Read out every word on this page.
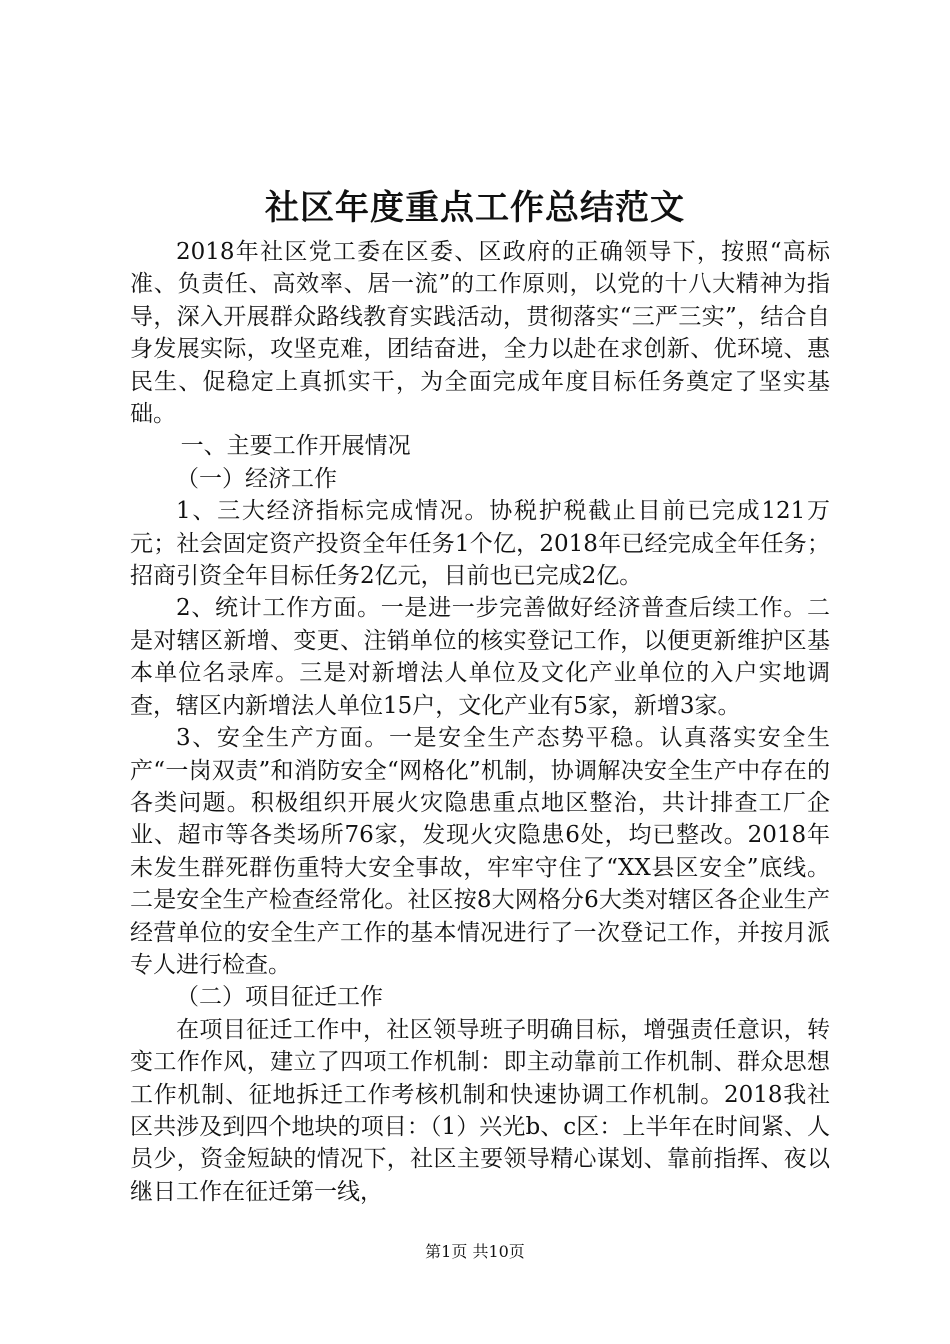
社区年度重点工作总结范文

2018年社区党工委在区委、区政府的正确领导下，按照“高标准、负责任、高效率、居一流”的工作原则，以党的十八大精神为指导，深入开展群众路线教育实践活动，贯彻落实“三严三实”，结合自身发展实际，攻坚克难，团结奋进，全力以赴在求创新、优环境、惠民生、促稳定上真抓实干，为全面完成年度目标任务奠定了坚实基础。

一、主要工作开展情况

（一）经济工作

1、三大经济指标完成情况。协税护税截止目前已完成121万元；社会固定资产投资全年任务1个亿，2018年已经完成全年任务；招商引资全年目标任务2亿元，目前也已完成2亿。

2、统计工作方面。一是进一步完善做好经济普查后续工作。二是对辖区新增、变更、注销单位的核实登记工作，以便更新维护区基本单位名录库。三是对新增法人单位及文化产业单位的入户实地调查，辖区内新增法人单位15户，文化产业有5家，新增3家。

3、安全生产方面。一是安全生产态势平稳。认真落实安全生产“一岗双责”和消防安全“网格化”机制，协调解决安全生产中存在的各类问题。积极组织开展火灾隐患重点地区整治，共计排查工厂企业、超市等各类场所76家，发现火灾隐患6处，均已整改。2018年未发生群死群伤重特大安全事故，牢牢守住了“XX县区安全”底线。二是安全生产检查经常化。社区按8大网格分6大类对辖区各企业生产经营单位的安全生产工作的基本情况进行了一次登记工作，并按月派专人进行检查。

（二）项目征迁工作

在项目征迁工作中，社区领导班子明确目标，增强责任意识，转变工作作风，建立了四项工作机制：即主动靠前工作机制、群众思想工作机制、征地拆迁工作考核机制和快速协调工作机制。2018我社区共涉及到四个地块的项目：（1）兴光b、c区：上半年在时间紧、人员少，资金短缺的情况下，社区主要领导精心谋划、靠前指挥、夜以继日工作在征迁第一线，

第1页 共10页
